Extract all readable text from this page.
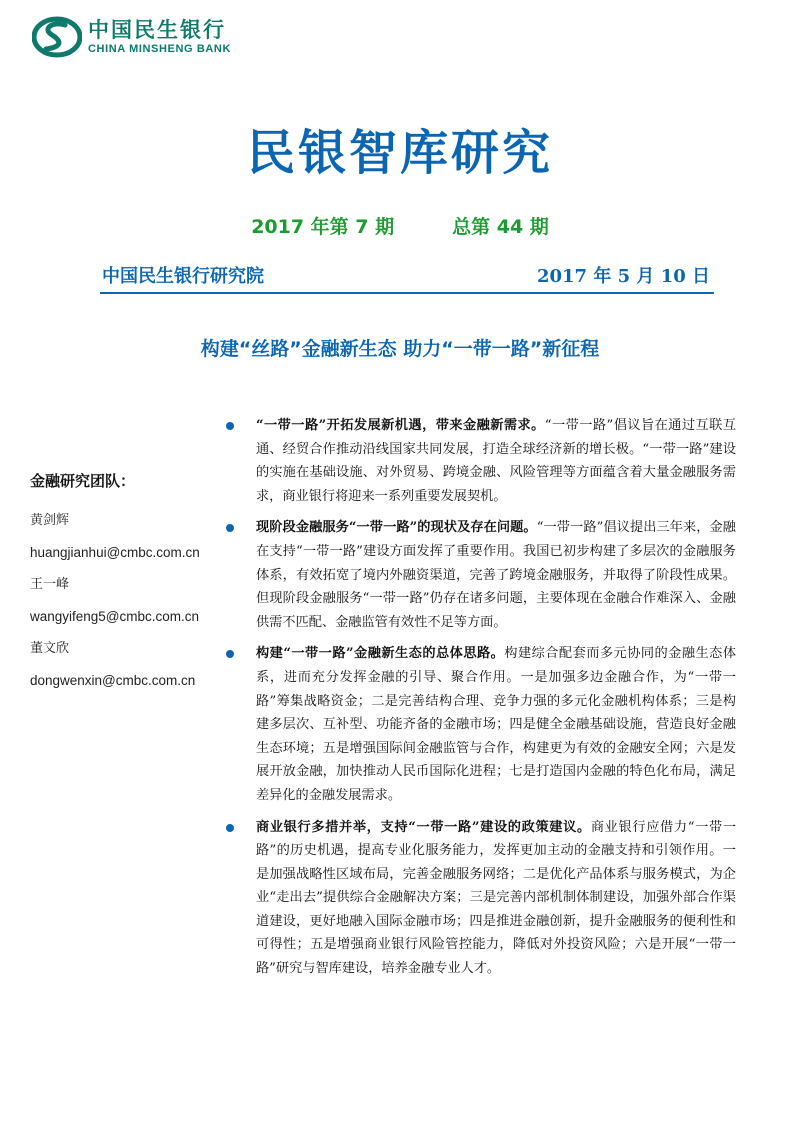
中国民生银行
CHINA MINSHENG BANK
民银智库研究
2017 年第 7 期	总第 44 期
中国民生银行研究院	2017 年 5 月 10 日
构建“丝路”金融新生态 助力“一带一路”新征程
金融研究团队：
黄剑辉
huangjianhui@cmbc.com.cn
王一峰
wangyifeng5@cmbc.com.cn
董文欣
dongwenxin@cmbc.com.cn

“一带一路”开拓发展新机遇，带来金融新需求。“一带一路”倡议旨在通过互联互通、经贸合作推动沿线国家共同发展，打造全球经济新的增长极。“一带一路”建设的实施在基础设施、对外贸易、跨境金融、风险管理等方面蕴含着大量金融服务需求，商业银行将迎来一系列重要发展契机。

现阶段金融服务“一带一路”的现状及存在问题。“一带一路”倡议提出三年来，金融在支持“一带一路”建设方面发挥了重要作用。我国已初步构建了多层次的金融服务体系，有效拓宽了境内外融资渠道，完善了跨境金融服务，并取得了阶段性成果。但现阶段金融服务“一带一路”仍存在诸多问题，主要体现在金融合作难深入、金融供需不匹配、金融监管有效性不足等方面。

构建“一带一路”金融新生态的总体思路。构建综合配套而多元协同的金融生态体系，进而充分发挥金融的引导、聚合作用。一是加强多边金融合作，为“一带一路”筹集战略资金；二是完善结构合理、竞争力强的多元化金融机构体系；三是构建多层次、互补型、功能齐备的金融市场；四是健全金融基础设施，营造良好金融生态环境；五是增强国际间金融监管与合作，构建更为有效的金融安全网；六是发展开放金融，加快推动人民币国际化进程；七是打造国内金融的特色化布局，满足差异化的金融发展需求。

商业银行多措并举，支持“一带一路”建设的政策建议。商业银行应借力“一带一路”的历史机遇，提高专业化服务能力，发挥更加主动的金融支持和引领作用。一是加强战略性区域布局，完善金融服务网络；二是优化产品体系与服务模式，为企业“走出去”提供综合金融解决方案；三是完善内部机制体制建设，加强外部合作渠道建设，更好地融入国际金融市场；四是推进金融创新，提升金融服务的便利性和可得性；五是增强商业银行风险管控能力，降低对外投资风险；六是开展“一带一路”研究与智库建设，培养金融专业人才。
